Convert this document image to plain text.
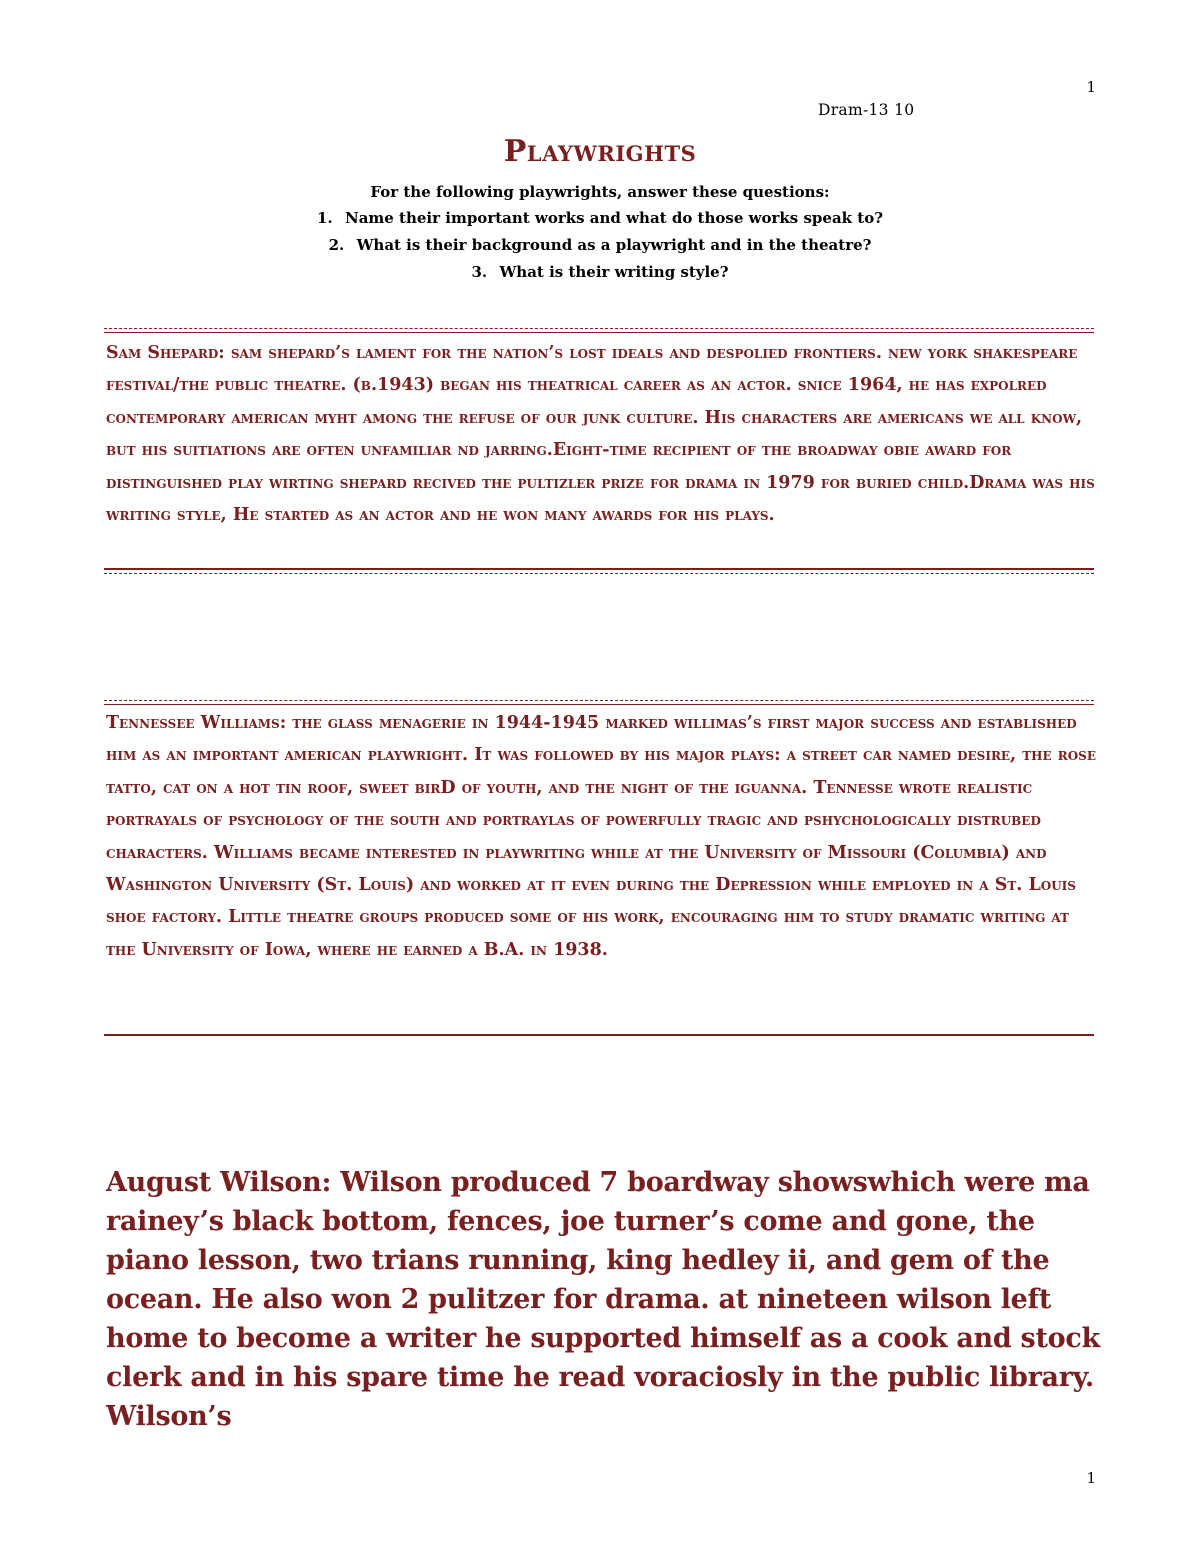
1
Dram-13 10
Playwrights

For the following playwrights, answer these questions:

1. Name their important works and what do those works speak to?
2. What is their background as a playwright and in the theatre?
3. What is their writing style?
Sam Shepard: sam shepard’s lament for the nation’s lost ideals and despolied frontiers. new york shakespeare festival/the public theatre. (b.1943) began his theatrical career as an actor. snice 1964, he has expolred contemporary american myht among the refuse of our junk culture. His characters are americans we all know, but his suitiations are often unfamiliar nd jarring.Eight-time recipient of the broadway obie award for distinguished play wirting shepard recived the pultizler prize for drama in 1979 for buried child.Drama was his writing style, He started as an actor and he won many awards for his plays.
Tennessee Williams: the glass menagerie in 1944-1945 marked willimas’s first major success and established him as an important american playwright. It was followed by his major plays: a street car named desire, the rose tatto, cat on a hot tin roof, sweet birD of youth, and the night of the iguanna. Tennesse wrote realistic portrayals of psychology of the south and portraylas of powerfully tragic and pshychologically distrubed characters. Williams became interested in playwriting while at the University of Missouri (Columbia) and Washington University (St. Louis) and worked at it even during the Depression while employed in a St. Louis shoe factory. Little theatre groups produced some of his work, encouraging him to study dramatic writing at the University of Iowa, where he earned a B.A. in 1938.
August Wilson: Wilson produced 7 boardway showswhich were ma rainey’s black bottom, fences, joe turner’s come and gone, the piano lesson, two trians running, king hedley ii, and gem of the ocean. He also won 2 pulitzer for drama. at nineteen wilson left home to become a writer he supported himself as a cook and stock clerk and in his spare time he read voraciosly in the public library. Wilson’s
1
